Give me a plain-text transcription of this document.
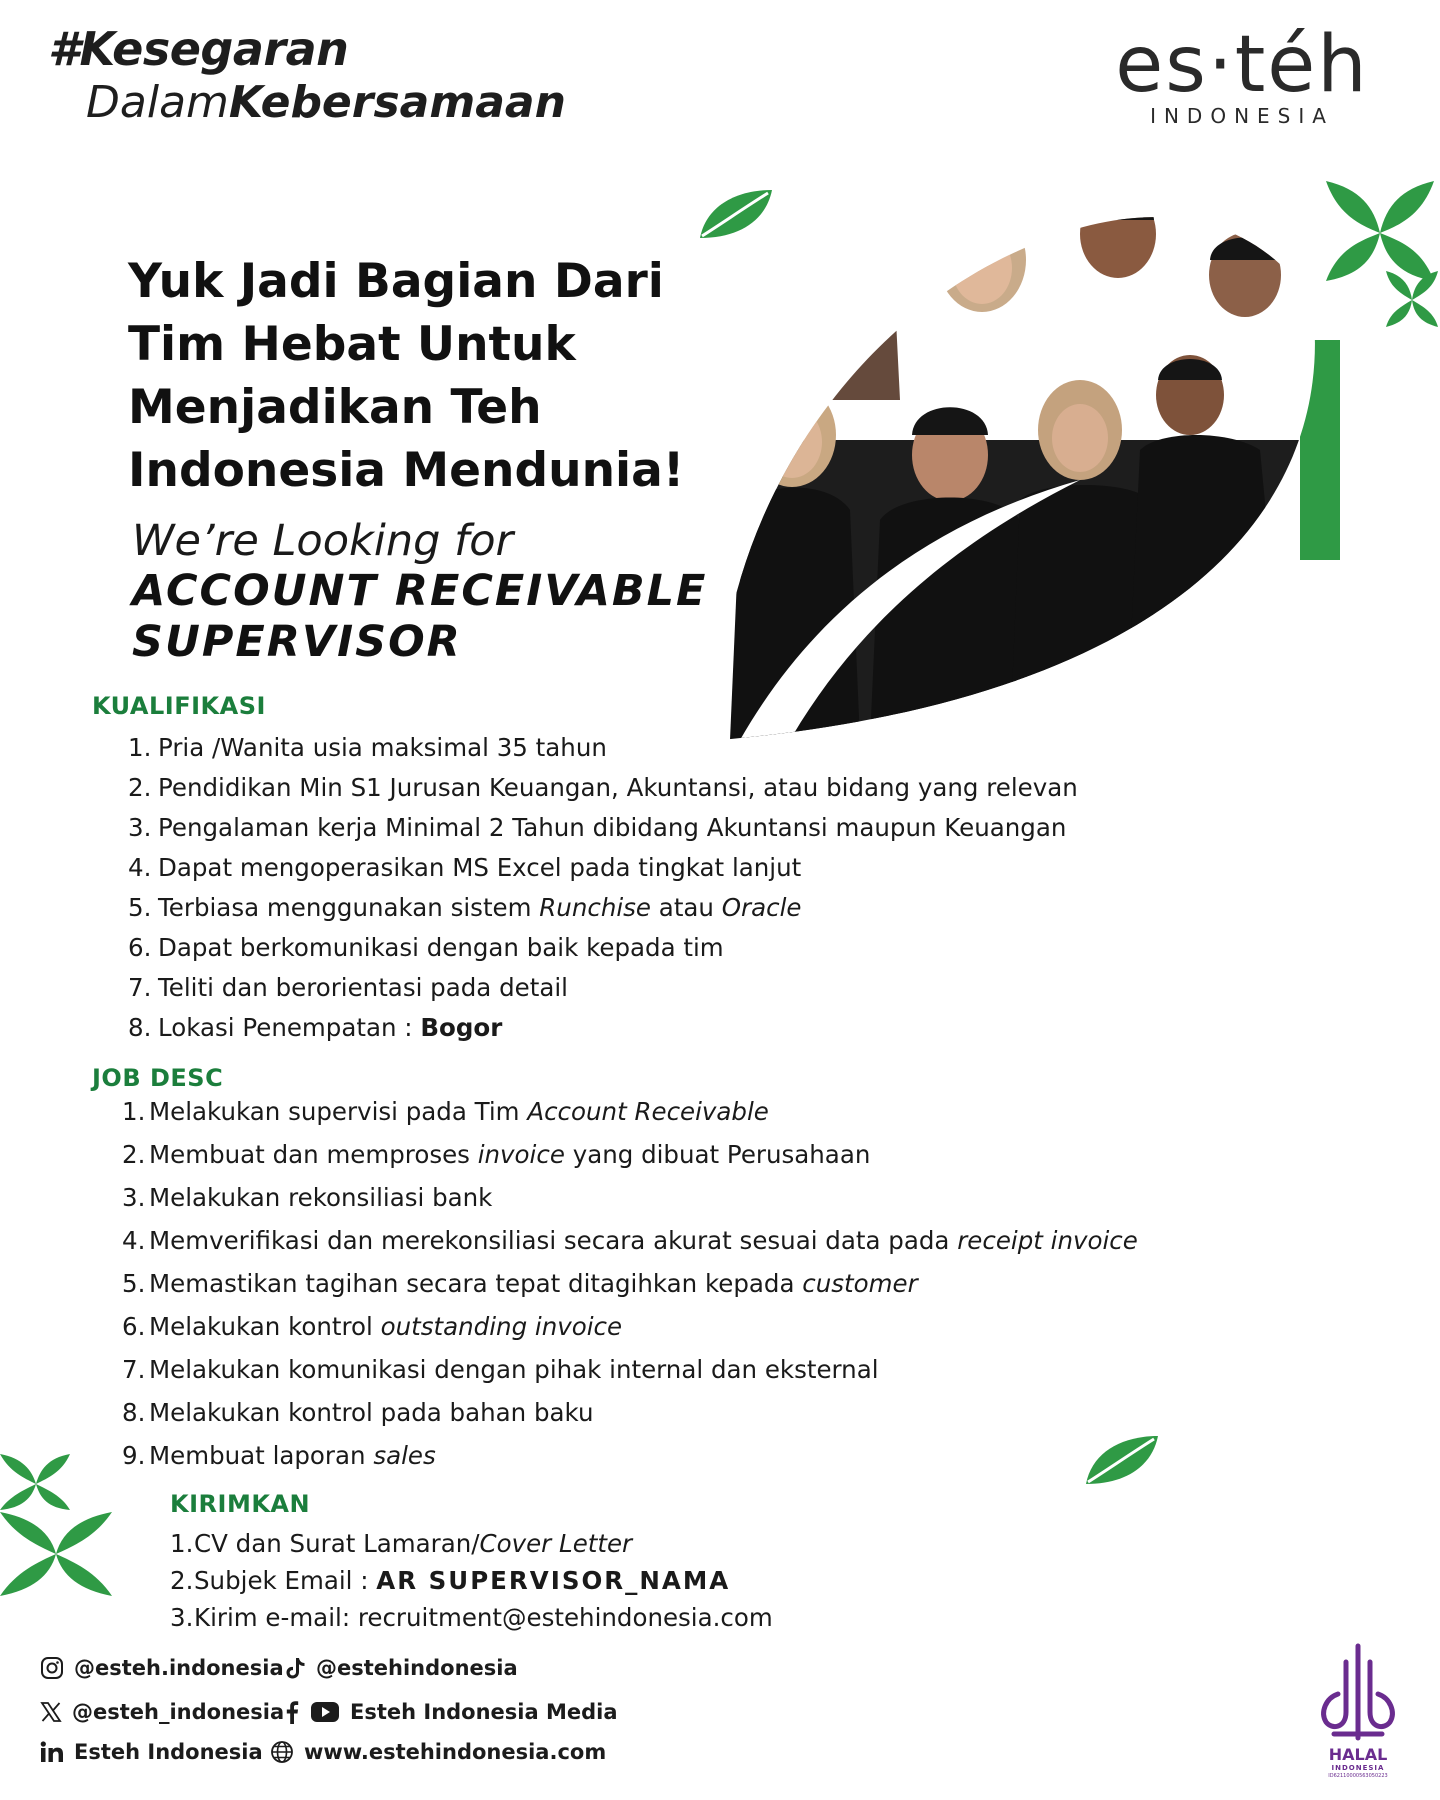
#Kesegaran
DalamKebersamaan	es·téh
INDONESIA
Yuk Jadi Bagian Dari
Tim Hebat Untuk
Menjadikan Teh
Indonesia Mendunia!
We’re Looking for
ACCOUNT RECEIVABLE
SUPERVISOR
KUALIFIKASI
1. Pria /Wanita usia maksimal 35 tahun
2. Pendidikan Min S1 Jurusan Keuangan, Akuntansi, atau bidang yang relevan
3. Pengalaman kerja Minimal 2 Tahun dibidang Akuntansi maupun Keuangan
4. Dapat mengoperasikan MS Excel pada tingkat lanjut
5. Terbiasa menggunakan sistem Runchise atau Oracle
6. Dapat berkomunikasi dengan baik kepada tim
7. Teliti dan berorientasi pada detail
8. Lokasi Penempatan : Bogor
JOB DESC
1. Melakukan supervisi pada Tim Account Receivable
2. Membuat dan memproses invoice yang dibuat Perusahaan
3. Melakukan rekonsiliasi bank
4. Memverifikasi dan merekonsiliasi secara akurat sesuai data pada receipt invoice
5. Memastikan tagihan secara tepat ditagihkan kepada customer
6. Melakukan kontrol outstanding invoice
7. Melakukan komunikasi dengan pihak internal dan eksternal
8. Melakukan kontrol pada bahan baku
9. Membuat laporan sales
KIRIMKAN
1.CV dan Surat Lamaran/Cover Letter
2.Subjek Email : AR SUPERVISOR_NAMA
3.Kirim e-mail: recruitment@estehindonesia.com
@esteh.indonesia @estehindonesia
@esteh_indonesia	Esteh Indonesia Media
Esteh Indonesia www.estehindonesia.com	HALAL
INDONESIA
ID62110000563050223
